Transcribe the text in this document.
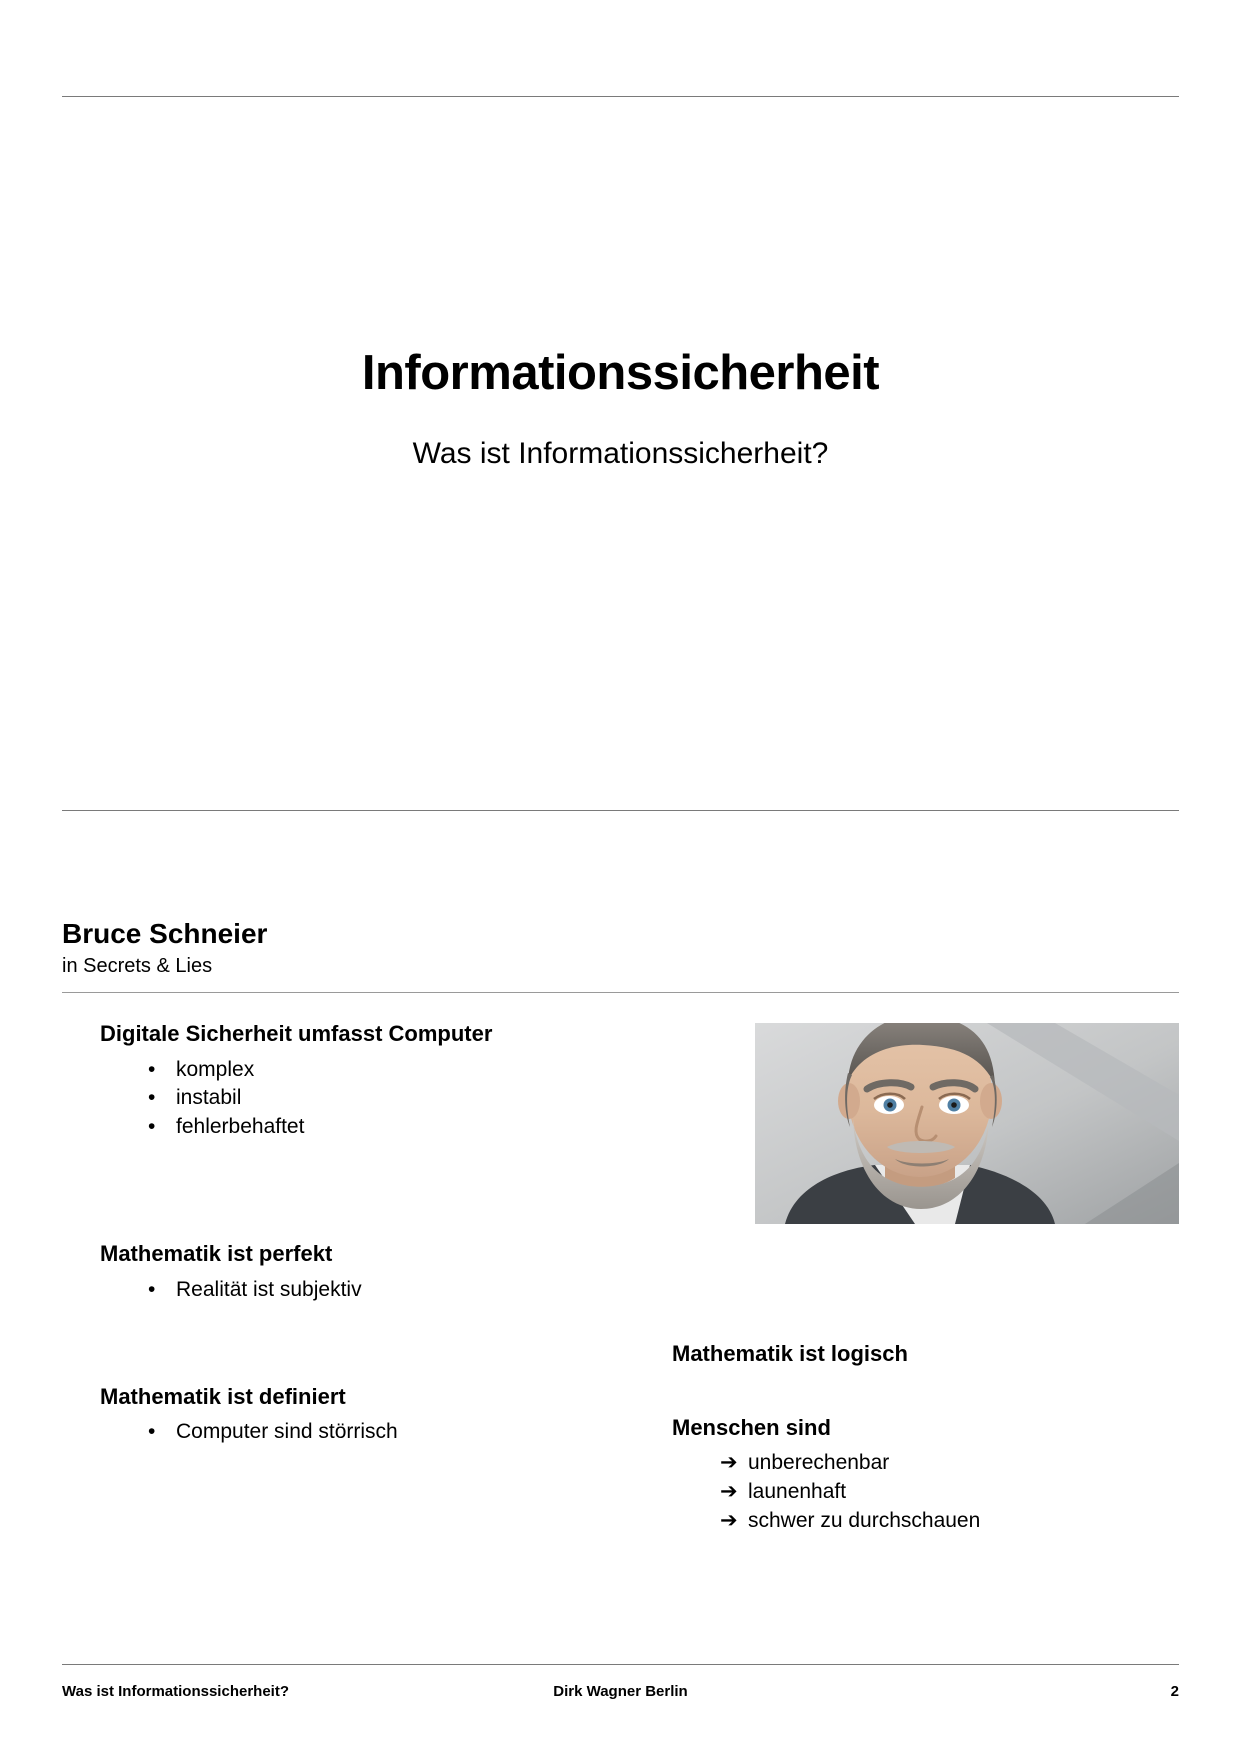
Informationssicherheit
Was ist Informationssicherheit?
Bruce Schneier
in Secrets & Lies
Digitale Sicherheit umfasst Computer
• komplex
• instabil
• fehlerbehaftet
Mathematik ist perfekt
• Realität ist subjektiv
Mathematik ist definiert
• Computer sind störrisch
Mathematik ist logisch
Menschen sind
➔ unberechenbar
➔ launenhaft
➔ schwer zu durchschauen
Was ist Informationssicherheit?	Dirk Wagner Berlin	2
